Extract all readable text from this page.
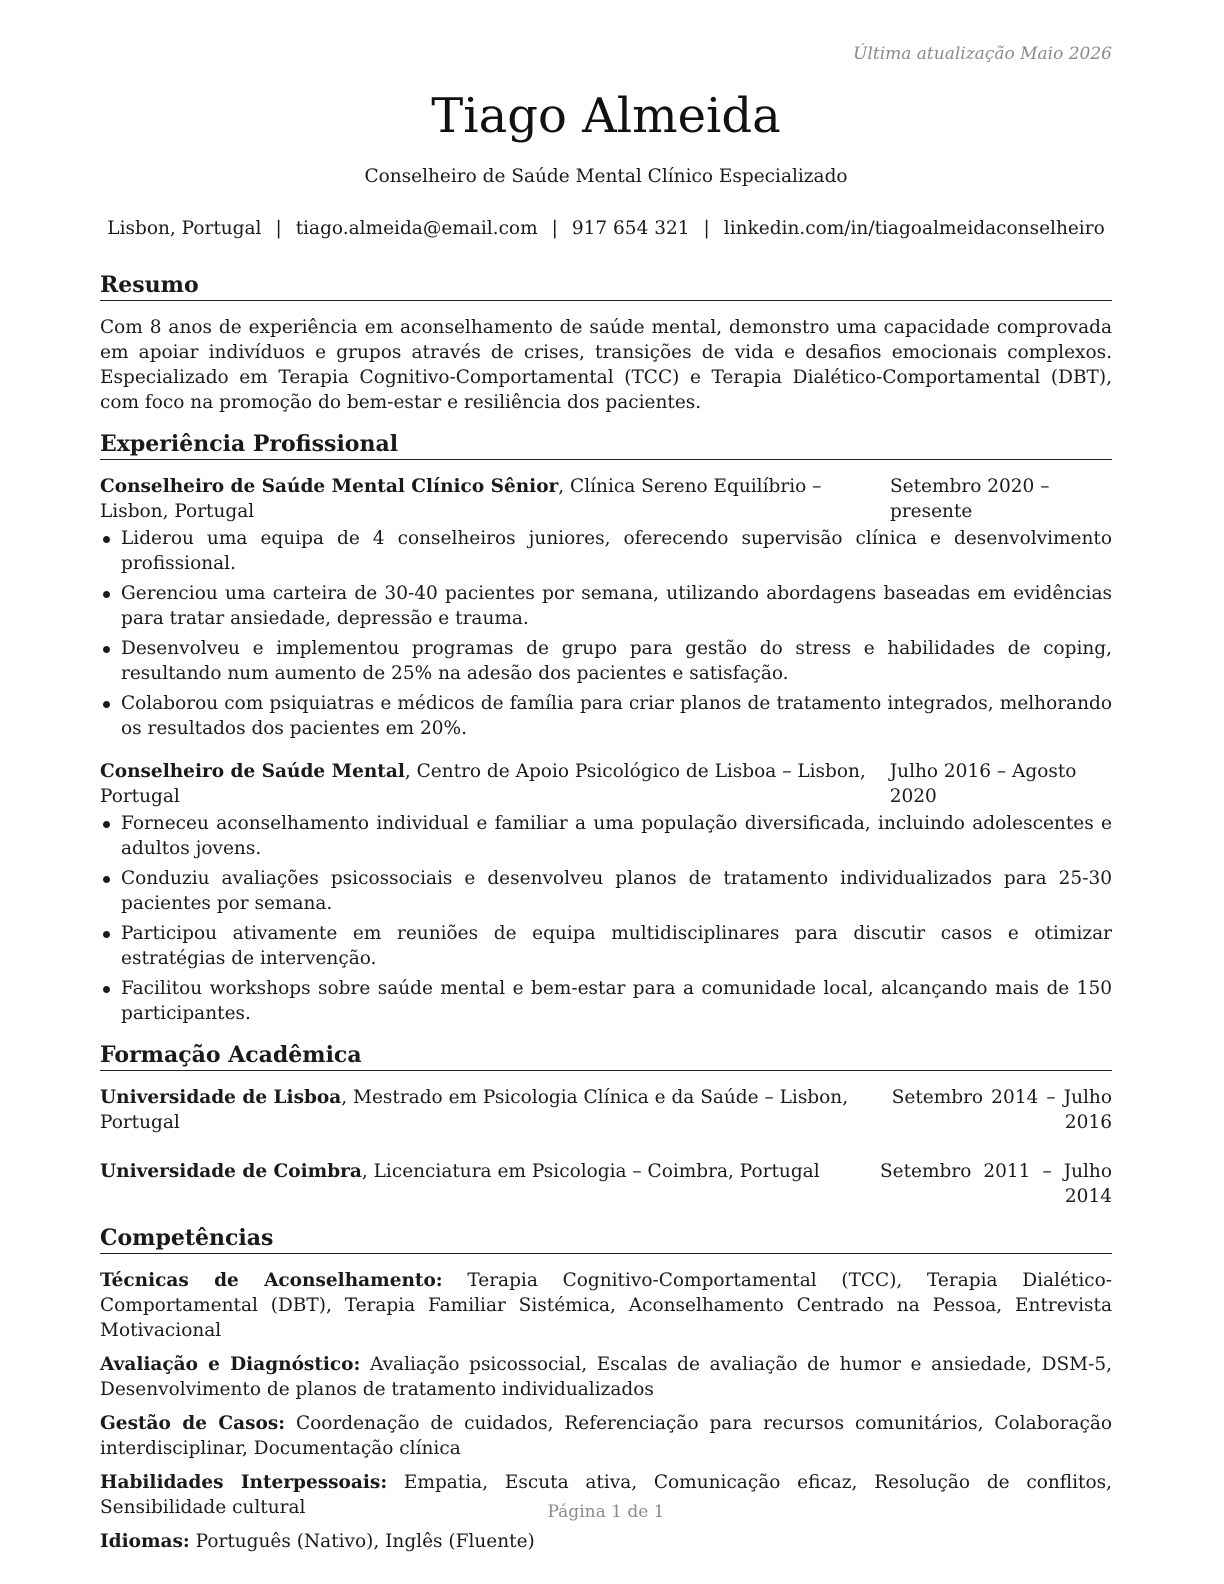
Última atualização Maio 2026
Tiago Almeida
Conselheiro de Saúde Mental Clínico Especializado
Lisbon, Portugal | tiago.almeida@email.com | 917 654 321 | linkedin.com/in/tiagoalmeidaconselheiro
Resumo

Com 8 anos de experiência em aconselhamento de saúde mental, demonstro uma capacidade comprovada em apoiar indivíduos e grupos através de crises, transições de vida e desafios emocionais complexos. Especializado em Terapia Cognitivo-Comportamental (TCC) e Terapia Dialético-Comportamental (DBT), com foco na promoção do bem-estar e resiliência dos pacientes.

Experiência Profissional
Conselheiro de Saúde Mental Clínico Sênior, Clínica Sereno Equilíbrio – Lisbon, Portugal
Setembro 2020 – presente
Liderou uma equipa de 4 conselheiros juniores, oferecendo supervisão clínica e desenvolvimento profissional.
Gerenciou uma carteira de 30-40 pacientes por semana, utilizando abordagens baseadas em evidências para tratar ansiedade, depressão e trauma.
Desenvolveu e implementou programas de grupo para gestão do stress e habilidades de coping, resultando num aumento de 25% na adesão dos pacientes e satisfação.
Colaborou com psiquiatras e médicos de família para criar planos de tratamento integrados, melhorando os resultados dos pacientes em 20%.
Conselheiro de Saúde Mental, Centro de Apoio Psicológico de Lisboa – Lisbon, Portugal
Julho 2016 – Agosto 2020
Forneceu aconselhamento individual e familiar a uma população diversificada, incluindo adolescentes e adultos jovens.
Conduziu avaliações psicossociais e desenvolveu planos de tratamento individualizados para 25-30 pacientes por semana.
Participou ativamente em reuniões de equipa multidisciplinares para discutir casos e otimizar estratégias de intervenção.
Facilitou workshops sobre saúde mental e bem-estar para a comunidade local, alcançando mais de 150 participantes.
Formação Acadêmica
Universidade de Lisboa, Mestrado em Psicologia Clínica e da Saúde – Lisbon, Portugal
Setembro 2014 – Julho
2016
Universidade de Coimbra, Licenciatura em Psicologia – Coimbra, Portugal	Setembro 2011 – Julho
2014
Competências

Técnicas de Aconselhamento: Terapia Cognitivo-Comportamental (TCC), Terapia Dialético-Comportamental (DBT), Terapia Familiar Sistémica, Aconselhamento Centrado na Pessoa, Entrevista Motivacional

Avaliação e Diagnóstico: Avaliação psicossocial, Escalas de avaliação de humor e ansiedade, DSM-5, Desenvolvimento de planos de tratamento individualizados

Gestão de Casos: Coordenação de cuidados, Referenciação para recursos comunitários, Colaboração interdisciplinar, Documentação clínica

Habilidades Interpessoais: Empatia, Escuta ativa, Comunicação eficaz, Resolução de conflitos, Sensibilidade cultural

Idiomas: Português (Nativo), Inglês (Fluente)

Página 1 de 1
